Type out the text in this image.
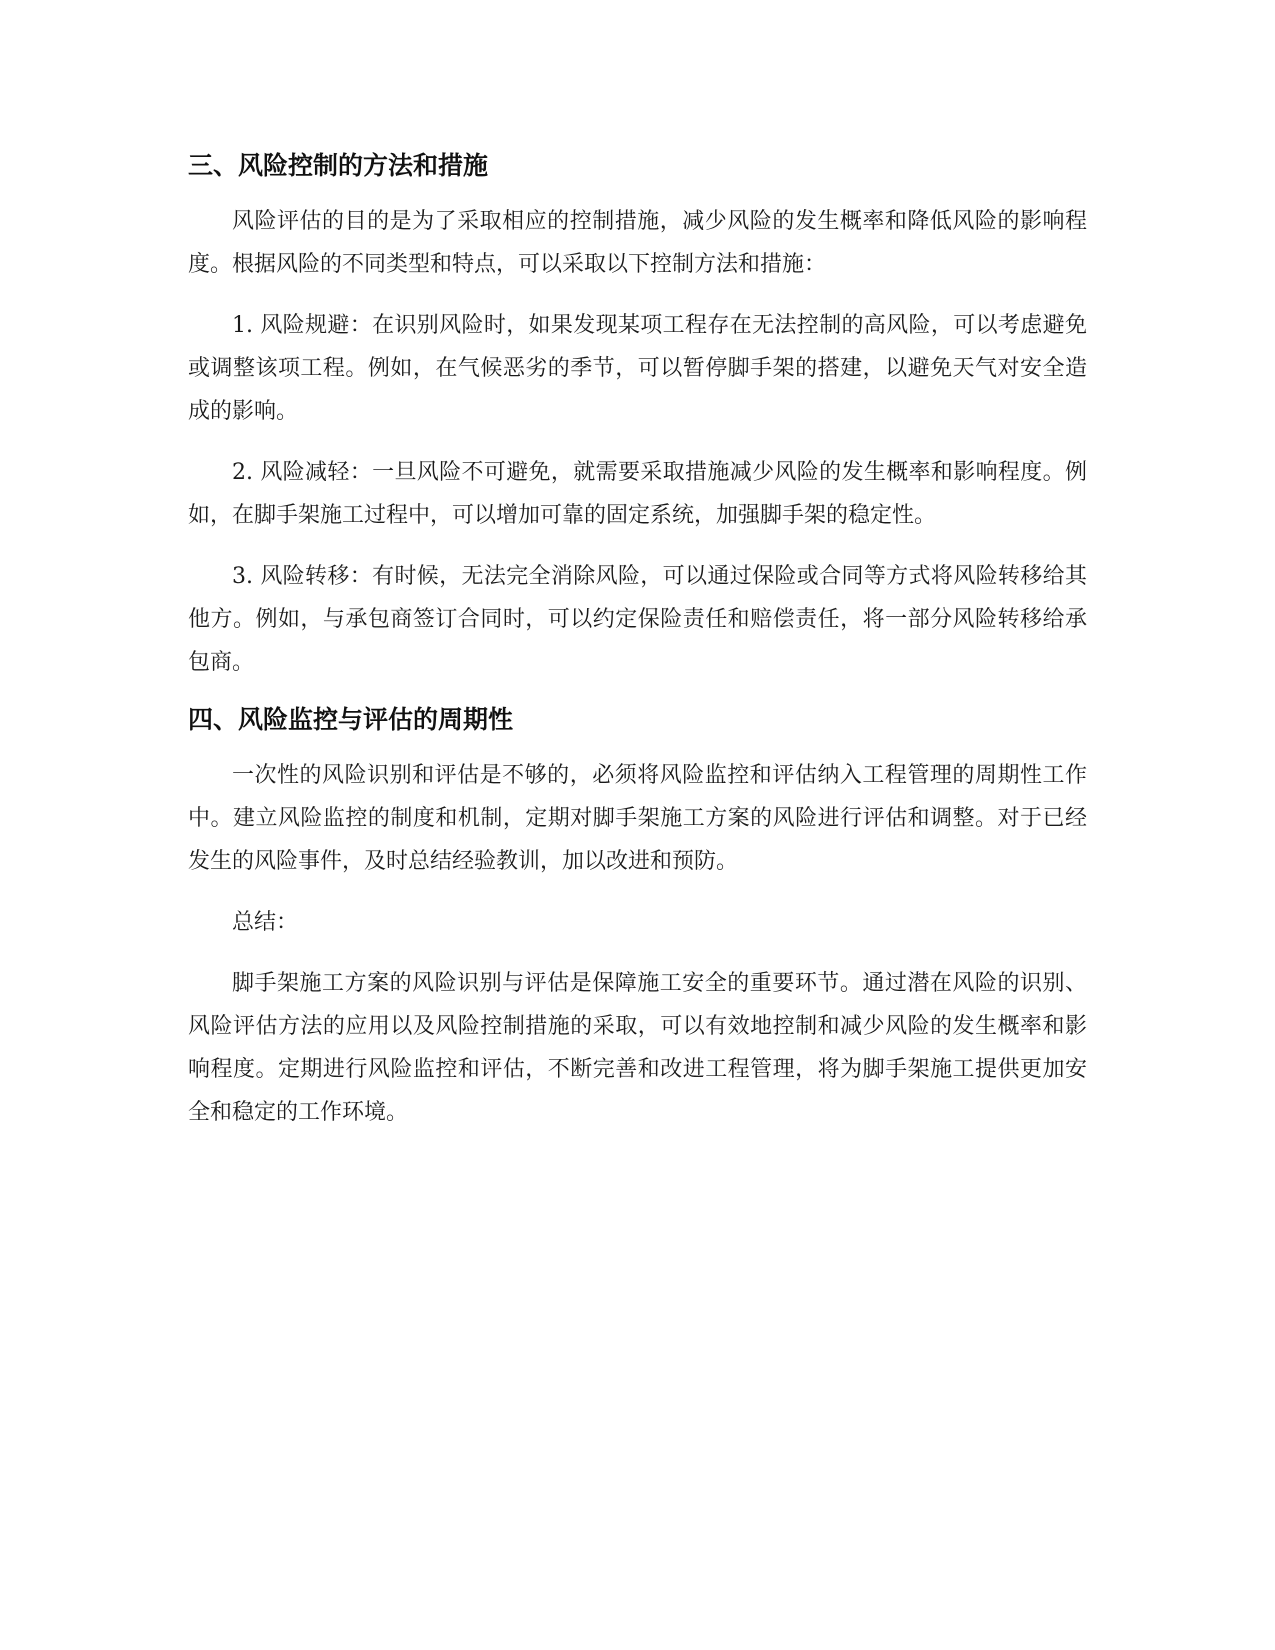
三、风险控制的方法和措施

风险评估的目的是为了采取相应的控制措施，减少风险的发生概率和降低风险的影响程度。根据风险的不同类型和特点，可以采取以下控制方法和措施：

1. 风险规避：在识别风险时，如果发现某项工程存在无法控制的高风险，可以考虑避免或调整该项工程。例如，在气候恶劣的季节，可以暂停脚手架的搭建，以避免天气对安全造成的影响。

2. 风险减轻：一旦风险不可避免，就需要采取措施减少风险的发生概率和影响程度。例如，在脚手架施工过程中，可以增加可靠的固定系统，加强脚手架的稳定性。

3. 风险转移：有时候，无法完全消除风险，可以通过保险或合同等方式将风险转移给其他方。例如，与承包商签订合同时，可以约定保险责任和赔偿责任，将一部分风险转移给承包商。

四、风险监控与评估的周期性

一次性的风险识别和评估是不够的，必须将风险监控和评估纳入工程管理的周期性工作中。建立风险监控的制度和机制，定期对脚手架施工方案的风险进行评估和调整。对于已经发生的风险事件，及时总结经验教训，加以改进和预防。

总结：

脚手架施工方案的风险识别与评估是保障施工安全的重要环节。通过潜在风险的识别、风险评估方法的应用以及风险控制措施的采取，可以有效地控制和减少风险的发生概率和影响程度。定期进行风险监控和评估，不断完善和改进工程管理，将为脚手架施工提供更加安全和稳定的工作环境。
